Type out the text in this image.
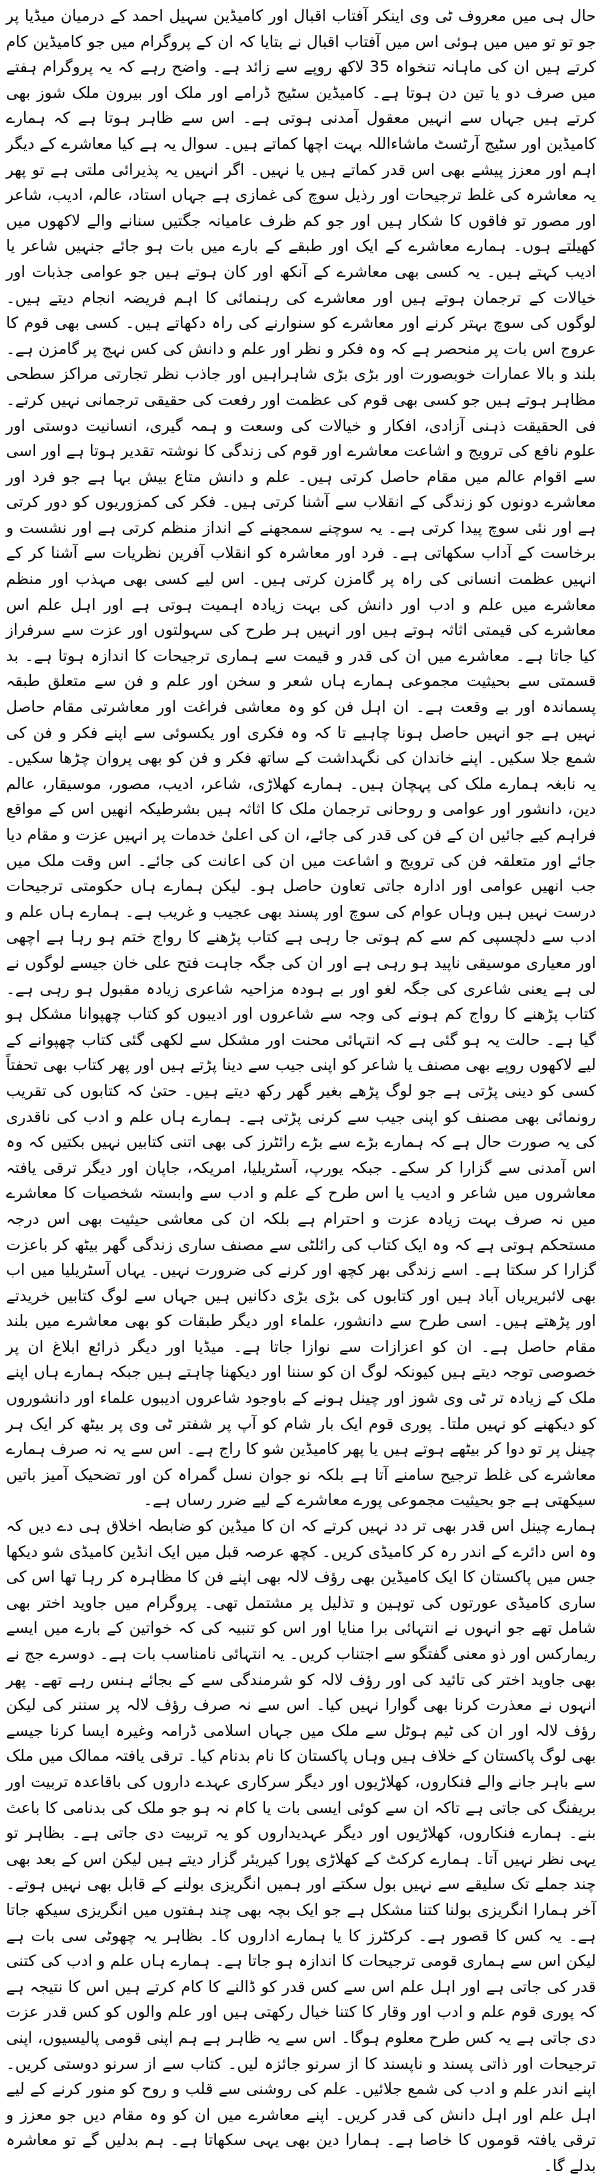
حال ہی میں معروف ٹی وی اینکر آفتاب اقبال اور کامیڈین سہیل احمد کے درمیان میڈیا پر جو تو تو میں میں ہوئی اس میں آفتاب اقبال نے بتایا کہ ان کے پروگرام میں جو کامیڈین کام کرتے ہیں ان کی ماہانہ تنخواہ 35 لاکھ روپے سے زائد ہے۔ واضح رہے کہ یہ پروگرام ہفتے میں صرف دو یا تین دن ہوتا ہے۔ کامیڈین سٹیج ڈرامے اور ملک اور بیرون ملک شوز بھی کرتے ہیں جہاں سے انہیں معقول آمدنی ہوتی ہے۔ اس سے ظاہر ہوتا ہے کہ ہمارے کامیڈین اور سٹیج آرٹسٹ ماشاءاللہ بہت اچھا کماتے ہیں۔ سوال یہ ہے کیا معاشرے کے دیگر اہم اور معزز پیشے بھی اس قدر کماتے ہیں یا نہیں۔ اگر انہیں یہ پذیرائی ملتی ہے تو پھر یہ معاشرہ کی غلط ترجیحات اور رذیل سوچ کی غمازی ہے جہاں استاد، عالم، ادیب، شاعر اور مصور تو فاقوں کا شکار ہیں اور جو کم ظرف عامیانہ جگتیں سنانے والے لاکھوں میں کھیلتے ہوں۔ ہمارے معاشرے کے ایک اور طبقے کے بارے میں بات ہو جائے جنہیں شاعر یا ادیب کہتے ہیں۔ یہ کسی بھی معاشرے کے آنکھ اور کان ہوتے ہیں جو عوامی جذبات اور خیالات کے ترجمان ہوتے ہیں اور معاشرے کی رہنمائی کا اہم فریضہ انجام دیتے ہیں۔ لوگوں کی سوچ بہتر کرنے اور معاشرے کو سنوارنے کی راہ دکھاتے ہیں۔ کسی بھی قوم کا عروج اس بات پر منحصر ہے کہ وہ فکر و نظر اور علم و دانش کی کس نہج پر گامزن ہے۔ بلند و بالا عمارات خوبصورت اور بڑی بڑی شاہراہیں اور جاذب نظر تجارتی مراکز سطحی مظاہر ہوتے ہیں جو کسی بھی قوم کی عظمت اور رفعت کی حقیقی ترجمانی نہیں کرتے۔ فی الحقیقت ذہنی آزادی، افکار و خیالات کی وسعت و ہمہ گیری، انسانیت دوستی اور علوم نافع کی ترویج و اشاعت معاشرے اور قوم کی زندگی کا نوشتہ تقدیر ہوتا ہے اور اسی سے اقوام عالم میں مقام حاصل کرتی ہیں۔ علم و دانش متاع بیش بہا ہے جو فرد اور معاشرے دونوں کو زندگی کے انقلاب سے آشنا کرتی ہیں۔ فکر کی کمزوریوں کو دور کرتی ہے اور نئی سوچ پیدا کرتی ہے۔ یہ سوچنے سمجھنے کے انداز منظم کرتی ہے اور نشست و برخاست کے آداب سکھاتی ہے۔ فرد اور معاشرہ کو انقلاب آفرین نظریات سے آشنا کر کے انہیں عظمت انسانی کی راہ پر گامزن کرتی ہیں۔ اس لیے کسی بھی مہذب اور منظم معاشرے میں علم و ادب اور دانش کی بہت زیادہ اہمیت ہوتی ہے اور اہل علم اس معاشرے کی قیمتی اثاثہ ہوتے ہیں اور انہیں ہر طرح کی سہولتوں اور عزت سے سرفراز کیا جاتا ہے۔ معاشرے میں ان کی قدر و قیمت سے ہماری ترجیحات کا اندازہ ہوتا ہے۔ بد قسمتی سے بحیثیت مجموعی ہمارے ہاں شعر و سخن اور علم و فن سے متعلق طبقہ پسماندہ اور بے وقعت ہے۔ ان اہل فن کو وہ معاشی فراغت اور معاشرتی مقام حاصل نہیں ہے جو انہیں حاصل ہونا چاہیے تا کہ وہ فکری اور یکسوئی سے اپنے فکر و فن کی شمع جلا سکیں۔ اپنے خاندان کی نگہداشت کے ساتھ فکر و فن کو بھی پروان چڑھا سکیں۔ یہ نابغہ ہمارے ملک کی پہچان ہیں۔ ہمارے کھلاڑی، شاعر، ادیب، مصور، موسیقار، عالم دین، دانشور اور عوامی و روحانی ترجمان ملک کا اثاثہ ہیں بشرطیکہ انھیں اس کے مواقع فراہم کیے جائیں ان کے فن کی قدر کی جائے، ان کی اعلیٰ خدمات پر انہیں عزت و مقام دیا جائے اور متعلقہ فن کی ترویج و اشاعت میں ان کی اعانت کی جائے۔ اس وقت ملک میں جب انھیں عوامی اور ادارہ جاتی تعاون حاصل ہو۔ لیکن ہمارے ہاں حکومتی ترجیحات درست نہیں ہیں وہاں عوام کی سوچ اور پسند بھی عجیب و غریب ہے۔ ہمارے ہاں علم و ادب سے دلچسپی کم سے کم ہوتی جا رہی ہے کتاب پڑھنے کا رواج ختم ہو رہا ہے اچھی اور معیاری موسیقی ناپید ہو رہی ہے اور ان کی جگہ جاہت فتح علی خان جیسے لوگوں نے لی ہے یعنی شاعری کی جگہ لغو اور بے ہودہ مزاحیہ شاعری زیادہ مقبول ہو رہی ہے۔ کتاب پڑھنے کا رواج کم ہونے کی وجہ سے شاعروں اور ادیبوں کو کتاب چھپوانا مشکل ہو گیا ہے۔ حالت یہ ہو گئی ہے کہ انتہائی محنت اور مشکل سے لکھی گئی کتاب چھپوانے کے لیے لاکھوں روپے بھی مصنف یا شاعر کو اپنی جیب سے دینا پڑتے ہیں اور پھر کتاب بھی تحفتاً کسی کو دینی پڑتی ہے جو لوگ پڑھے بغیر گھر رکھ دیتے ہیں۔ حتیٰ کہ کتابوں کی تقریب رونمائی بھی مصنف کو اپنی جیب سے کرنی پڑتی ہے۔ ہمارے ہاں علم و ادب کی ناقدری کی یہ صورت حال ہے کہ ہمارے بڑے سے بڑے رائٹرز کی بھی اتنی کتابیں نہیں بکتیں کہ وہ اس آمدنی سے گزارا کر سکے۔ جبکہ یورپ، آسٹریلیا، امریکہ، جاپان اور دیگر ترقی یافتہ معاشروں میں شاعر و ادیب یا اس طرح کے علم و ادب سے وابستہ شخصیات کا معاشرے میں نہ صرف بہت زیادہ عزت و احترام ہے بلکہ ان کی معاشی حیثیت بھی اس درجہ مستحکم ہوتی ہے کہ وہ ایک کتاب کی رائلٹی سے مصنف ساری زندگی گھر بیٹھ کر باعزت گزارا کر سکتا ہے۔ اسے زندگی بھر کچھ اور کرنے کی ضرورت نہیں۔ یہاں آسٹریلیا میں اب بھی لائبریریاں آباد ہیں اور کتابوں کی بڑی بڑی دکانیں ہیں جہاں سے لوگ کتابیں خریدتے اور پڑھتے ہیں۔ اسی طرح سے دانشور، علماء اور دیگر طبقات کو بھی معاشرے میں بلند مقام حاصل ہے۔ ان کو اعزازات سے نوازا جاتا ہے۔ میڈیا اور دیگر ذرائع ابلاغ ان پر خصوصی توجہ دیتے ہیں کیونکہ لوگ ان کو سننا اور دیکھنا چاہتے ہیں جبکہ ہمارے ہاں اپنے ملک کے زیادہ تر ٹی وی شوز اور چینل ہونے کے باوجود شاعروں ادیبوں علماء اور دانشوروں کو دیکھنے کو نہیں ملتا۔ پوری قوم ایک بار شام کو آپ پر شفتر ٹی وی پر بیٹھ کر ایک ہر چینل پر تو دوا کر بیٹھے ہوتے ہیں یا پھر کامیڈین شو کا راج ہے۔ اس سے یہ نہ صرف ہمارے معاشرے کی غلط ترجیح سامنے آتا ہے بلکہ نو جوان نسل گمراہ کن اور تضحیک آمیز باتیں سیکھتی ہے جو بحیثیت مجموعی پورے معاشرے کے لیے ضرر رساں ہے۔

ہمارے چینل اس قدر بھی تر دد نہیں کرتے کہ ان کا میڈین کو ضابطہ اخلاق ہی دے دیں کہ وہ اس دائرے کے اندر رہ کر کامیڈی کریں۔ کچھ عرصہ قبل میں ایک انڈین کامیڈی شو دیکھا جس میں پاکستان کا ایک کامیڈین بھی رؤف لالہ بھی اپنے فن کا مظاہرہ کر رہا تھا اس کی ساری کامیڈی عورتوں کی توہین و تذلیل پر مشتمل تھی۔ پروگرام میں جاوید اختر بھی شامل تھے جو انہوں نے انتہائی برا منایا اور اس کو تنبیہ کی کہ خواتین کے بارے میں ایسے ریمارکس اور ذو معنی گفتگو سے اجتناب کریں۔ یہ انتہائی نامناسب بات ہے۔ دوسرے جج نے بھی جاوید اختر کی تائید کی اور رؤف لالہ کو شرمندگی سے کے بجائے ہنس رہے تھے۔ پھر انہوں نے معذرت کرنا بھی گوارا نہیں کیا۔ اس سے نہ صرف رؤف لالہ پر سننر کی لیکن رؤف لالہ اور ان کی ٹیم ہوٹل سے ملک میں جہاں اسلامی ڈرامہ وغیرہ ایسا کرنا جیسے بھی لوگ پاکستان کے خلاف ہیں وہاں پاکستان کا نام بدنام کیا۔ ترقی یافتہ ممالک میں ملک سے باہر جانے والے فنکاروں، کھلاڑیوں اور دیگر سرکاری عہدے داروں کی باقاعدہ تربیت اور بریفنگ کی جاتی ہے تاکہ ان سے کوئی ایسی بات یا کام نہ ہو جو ملک کی بدنامی کا باعث بنے۔ ہمارے فنکاروں، کھلاڑیوں اور دیگر عہدیداروں کو یہ تربیت دی جاتی ہے۔ بظاہر تو یہی نظر نہیں آتا۔ ہمارے کرکٹ کے کھلاڑی پورا کیریئر گزار دیتے ہیں لیکن اس کے بعد بھی چند جملے تک سلیقے سے نہیں بول سکتے اور ہمیں انگریزی بولنے کے قابل بھی نہیں ہوتے۔ آخر ہمارا انگریزی بولنا کتنا مشکل ہے جو ایک بچہ بھی چند ہفتوں میں انگریزی سیکھ جاتا ہے۔ یہ کس کا قصور ہے۔ کرکٹرز کا یا ہمارے اداروں کا۔ بظاہر یہ چھوٹی سی بات ہے لیکن اس سے ہماری قومی ترجیحات کا اندازہ ہو جاتا ہے۔ ہمارے ہاں علم و ادب کی کتنی قدر کی جاتی ہے اور اہل علم اس سے کس قدر کو ڈالنے کا کام کرتے ہیں اس کا نتیجہ ہے کہ پوری قوم علم و ادب اور وقار کا کتنا خیال رکھتی ہیں اور علم والوں کو کس قدر عزت دی جاتی ہے یہ کس طرح معلوم ہوگا۔ اس سے یہ ظاہر ہے ہم اپنی قومی پالیسیوں، اپنی ترجیحات اور ذاتی پسند و ناپسند کا از سرنو جائزہ لیں۔ کتاب سے از سرنو دوستی کریں۔ اپنے اندر علم و ادب کی شمع جلائیں۔ علم کی روشنی سے قلب و روح کو منور کرنے کے لیے اہل علم اور اہل دانش کی قدر کریں۔ اپنے معاشرے میں ان کو وہ مقام دیں جو معزز و ترقی یافتہ قوموں کا خاصا ہے۔ ہمارا دین بھی یہی سکھاتا ہے۔ ہم بدلیں گے تو معاشرہ بدلے گا۔
